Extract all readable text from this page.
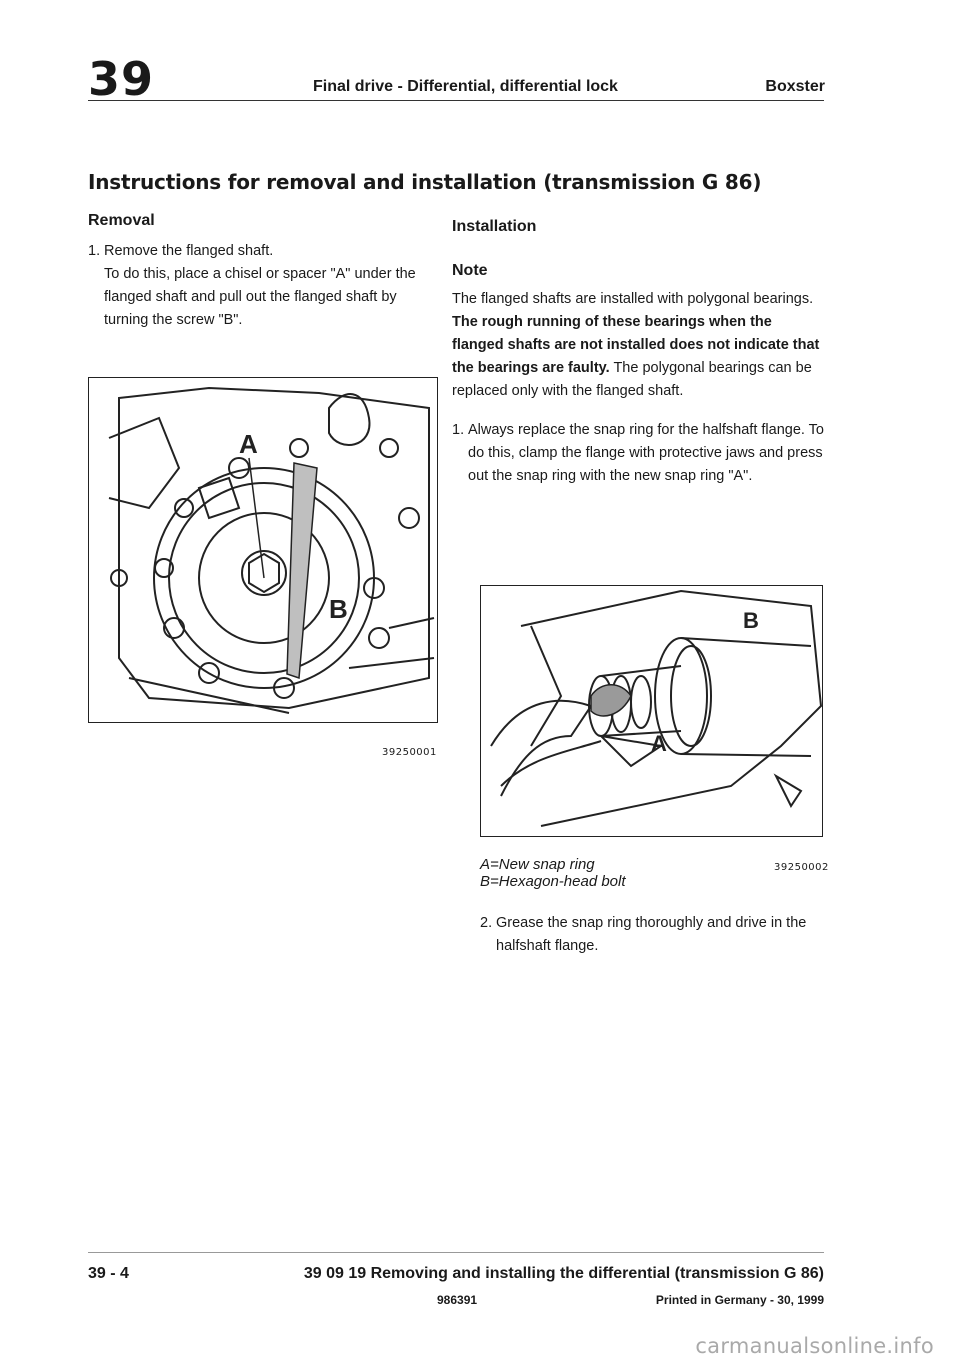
39	Final drive - Differential, differential lock	Boxster
Instructions for removal and installation (transmission G 86)
Removal
1. Remove the flanged shaft.
To do this, place a chisel or spacer "A" under the flanged shaft and pull out the flanged shaft by turning the screw "B".
A
B
39250001
Installation
Note

The flanged shafts are installed with polygonal bearings. The rough running of these bearings when the flanged shafts are not installed does not indicate that the bearings are faulty. The polygonal bearings can be replaced only with the flanged shaft.

1. Always replace the snap ring for the halfshaft flange. To do this, clamp the flange with protective jaws and press out the snap ring with the new snap ring "A".
B
A
A=New snap ring
B=Hexagon-head bolt
39250002
2. Grease the snap ring thoroughly and drive in the halfshaft flange.
39 - 4	39 09 19 Removing and installing the differential (transmission G 86)
986391	Printed in Germany - 30, 1999
carmanualsonline.info
